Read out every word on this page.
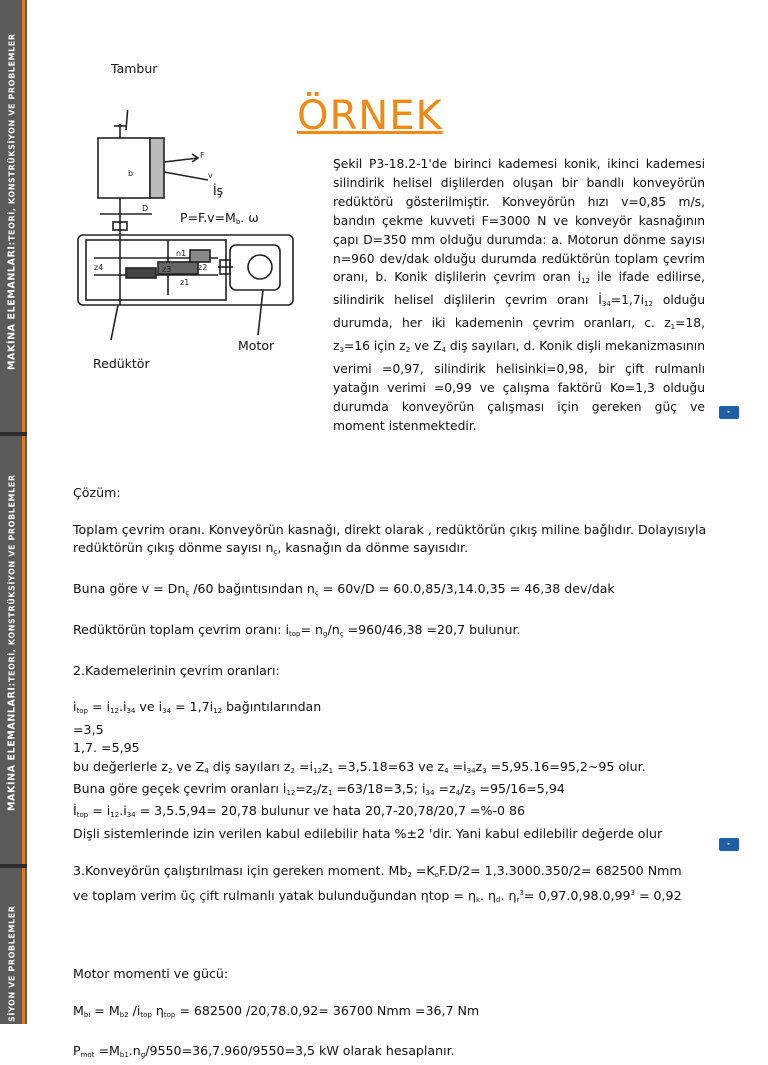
MAKİNA ELEMANLARI:
TEORİ, KONSTRÜKSİYON VE PROBLEMLER
MAKİNA ELEMANLARI:
TEORİ, KONSTRÜKSİYON VE PROBLEMLER
SİYON VE PROBLEMLER
▸
▸
ÖRNEK
F
v
b
D
z4
n1
z3	z2
z1
Tambur
İş
$P=F.v=M_b$. ω
Motor
Redüktör
Şekil P3-18.2-1'de birinci kademesi konik, ikinci kademesi silindirik helisel dişlilerden oluşan bir bandlı konveyörün redüktörü gösterilmiştir. Konveyörün hızı v=0,85 m/s, bandın çekme kuvveti F=3000 N ve konveyör kasnağının çapı D=350 mm olduğu durumda: a. Motorun dönme sayısı n=960 dev/dak olduğu durumda redüktörün toplam çevrim oranı, b. Konik dişlilerin çevrim oran $i_{12}$ ile ifade edilirse, silindirik helisel dişlilerin çevrim oranı $İ_{34}=1,7i_{12}$ olduğu durumda, her iki kademenin çevrim oranları, c. $z_1=18$, $z_3=16$ için $z_2$ ve $Z_4$ diş sayıları, d. Konik dişli mekanizmasının verimi =0,97, silindirik helisinki=0,98, bir çift rulmanlı yatağın verimi =0,99 ve çalışma faktörü Ko=1,3 olduğu durumda konveyörün çalışması için gereken güç ve moment istenmektedir.
Çözüm:
Toplam çevrim oranı. Konveyörün kasnağı, direkt olarak , redüktörün çıkış miline bağlıdır. Dolayısıyla
redüktörün çıkış dönme sayısı $n_ç$, kasnağın da dönme sayısıdır.
Buna göre $v = Dn_ç$ /60 bağıntısından $n_ç = 60v/D = 60.0,85/3,14.0,35 = 46,38$ dev/dak
Redüktörün toplam çevrim oranı: $i_{top}= n_g/n_ç =960/46,38 =20,7$ bulunur.
2.Kademelerinin çevrim oranları:
$i_{top} = i_{12}.i_{34}$ ve $i_{34} = 1,7i_{12}$ bağıntılarından
=3,5
1,7. =5,95
bu değerlerle $z_2$ ve $Z_4$ diş sayıları $z_2 =i_{12}z_1 =3,5.18=63$ ve $z_4 =i_{34}z_3$ =5,95.16=95,2~95 olur.
Buna göre geçek çevrim oranları $i_{12}=z_2/z_1 =63/18=3,5$; $i_{34} =z_4/z_3 =95/16=5,94$
$İ_{top} = i_{12}.i_{34} = 3,5.5,94= 20,78$ bulunur ve hata 20,7-20,78/20,7 =%-0 86
Dişli sistemlerinde izin verilen kabul edilebilir hata %±2 'dir. Yani kabul edilebilir değerde olur
3.Konveyörün çalıştırılması için gereken moment. $Mb_2 =K_oF.D/2= 1,3.3000.350/2= 682500$ Nmm
ve toplam verim üç çift rulmanlı yatak bulunduğundan $\eta top = \eta_k$. $\eta_d$. $\eta_r^3= 0,97.0,98.0,99^3 = 0,92$
Motor momenti ve gücü:
$M_{bı} = M_{b2}$ $/i_{top}$ $\eta_{top} = 682500$ /20,78.0,92= 36700 Nmm =36,7 Nm
$P_{mot} =M_{b1}.n_g/9550=36,7.960/9550=3,5$ kW olarak hesaplanır.
